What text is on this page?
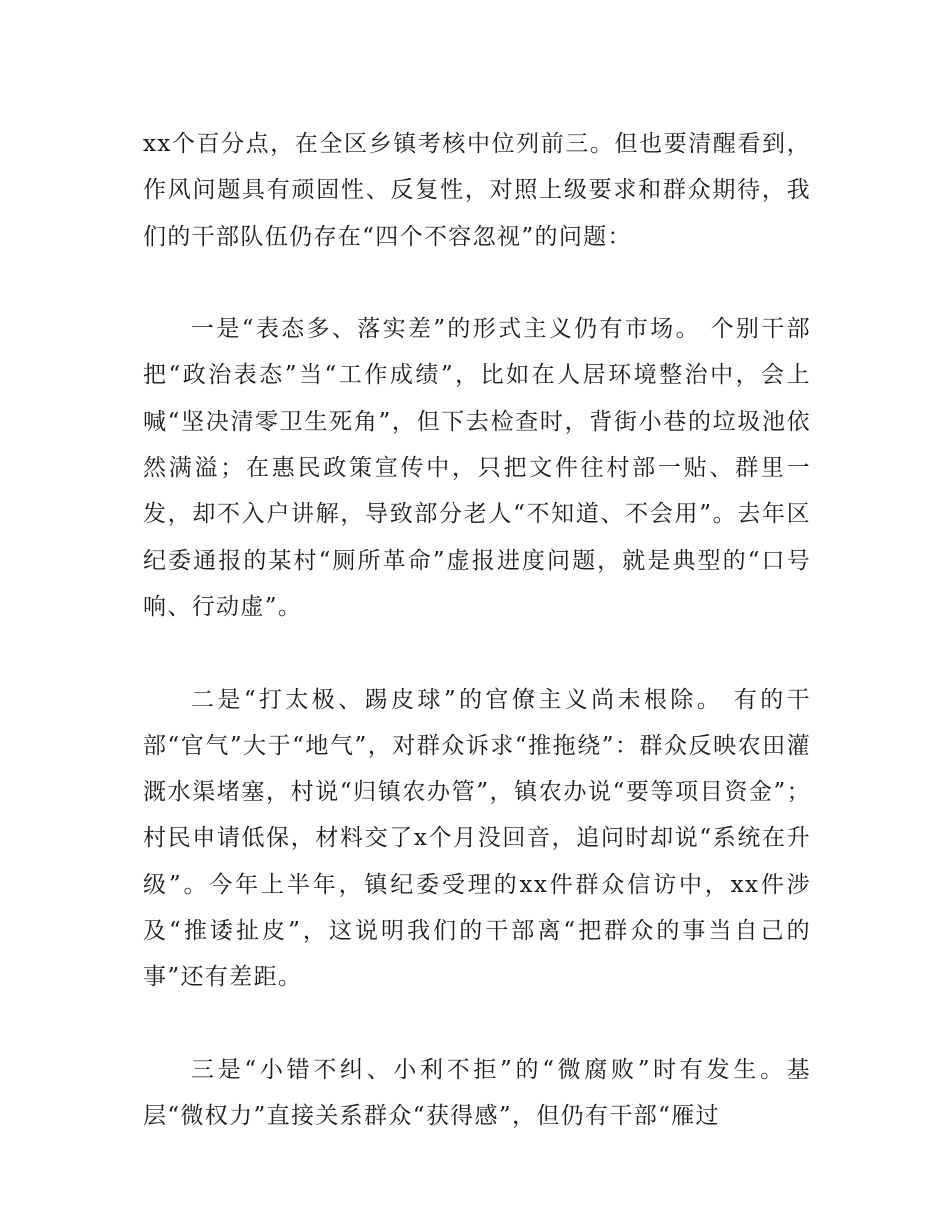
xx个百分点，在全区乡镇考核中位列前三。但也要清醒看到，作风问题具有顽固性、反复性，对照上级要求和群众期待，我们的干部队伍仍存在“四个不容忽视”的问题：

一是“表态多、落实差”的形式主义仍有市场。 个别干部把“政治表态”当“工作成绩”，比如在人居环境整治中，会上喊“坚决清零卫生死角”，但下去检查时，背街小巷的垃圾池依然满溢；在惠民政策宣传中，只把文件往村部一贴、群里一发，却不入户讲解，导致部分老人“不知道、不会用”。去年区纪委通报的某村“厕所革命”虚报进度问题，就是典型的“口号响、行动虚”。

二是“打太极、踢皮球”的官僚主义尚未根除。 有的干部“官气”大于“地气”，对群众诉求“推拖绕”：群众反映农田灌溉水渠堵塞，村说“归镇农办管”，镇农办说“要等项目资金”；村民申请低保，材料交了x个月没回音，追问时却说“系统在升级”。今年上半年，镇纪委受理的xx件群众信访中，xx件涉及“推诿扯皮”，这说明我们的干部离“把群众的事当自己的事”还有差距。

三是“小错不纠、小利不拒”的“微腐败”时有发生。基层“微权力”直接关系群众“获得感”，但仍有干部“雁过
